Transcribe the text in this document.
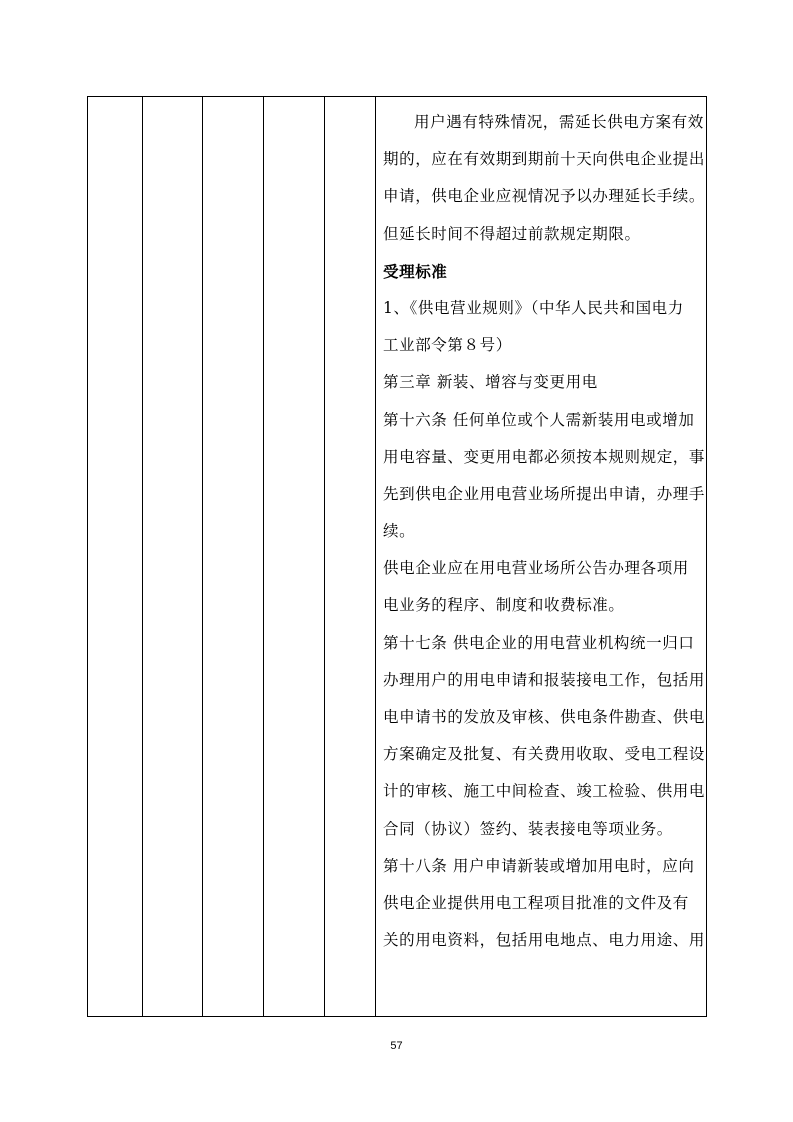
用户遇有特殊情况，需延长供电方案有效
期的，应在有效期到期前十天向供电企业提出
申请，供电企业应视情况予以办理延长手续。
但延长时间不得超过前款规定期限。
受理标准
1、《供电营业规则》（中华人民共和国电力
工业部令第８号）
第三章 新装、增容与变更用电
第十六条 任何单位或个人需新装用电或增加
用电容量、变更用电都必须按本规则规定，事
先到供电企业用电营业场所提出申请，办理手
续。
供电企业应在用电营业场所公告办理各项用
电业务的程序、制度和收费标准。
第十七条 供电企业的用电营业机构统一归口
办理用户的用电申请和报装接电工作，包括用
电申请书的发放及审核、供电条件勘查、供电
方案确定及批复、有关费用收取、受电工程设
计的审核、施工中间检查、竣工检验、供用电
合同（协议）签约、装表接电等项业务。
第十八条 用户申请新装或增加用电时，应向
供电企业提供用电工程项目批准的文件及有
关的用电资料，包括用电地点、电力用途、用
57
